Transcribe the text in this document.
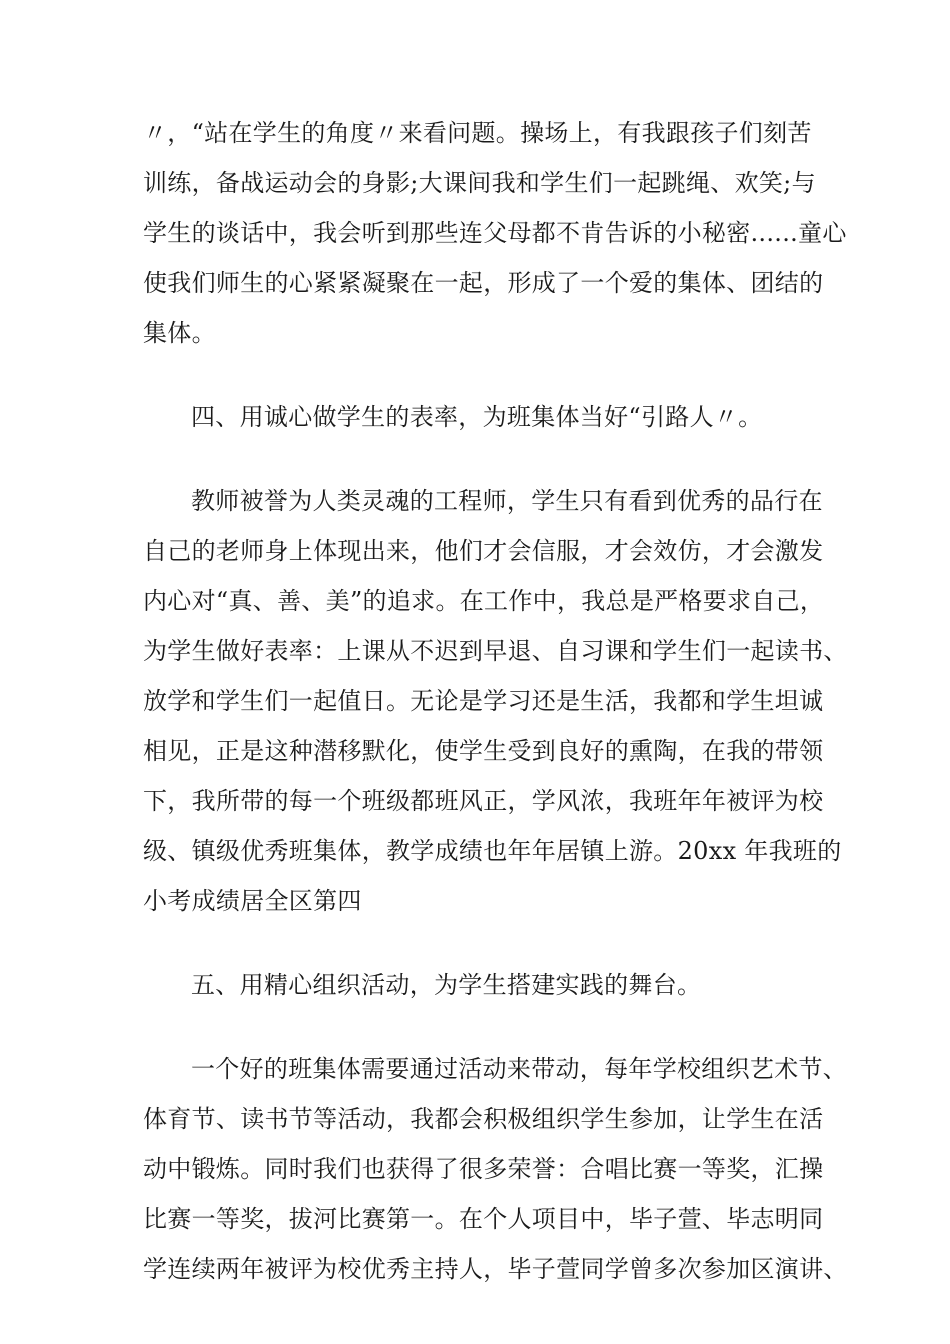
〃，“站在学生的角度〃来看问题。操场上，有我跟孩子们刻苦
训练，备战运动会的身影;大课间我和学生们一起跳绳、欢笑;与
学生的谈话中，我会听到那些连父母都不肯告诉的小秘密......童心
使我们师生的心紧紧凝聚在一起，形成了一个爱的集体、团结的
集体。
四、用诚心做学生的表率，为班集体当好“引路人〃。
教师被誉为人类灵魂的工程师，学生只有看到优秀的品行在
自己的老师身上体现出来，他们才会信服，才会效仿，才会激发
内心对“真、善、美”的追求。在工作中，我总是严格要求自己，
为学生做好表率：上课从不迟到早退、自习课和学生们一起读书、
放学和学生们一起值日。无论是学习还是生活，我都和学生坦诚
相见，正是这种潜移默化，使学生受到良好的熏陶，在我的带领
下，我所带的每一个班级都班风正，学风浓，我班年年被评为校
级、镇级优秀班集体，教学成绩也年年居镇上游。20xx 年我班的
小考成绩居全区第四
五、用精心组织活动，为学生搭建实践的舞台。
一个好的班集体需要通过活动来带动，每年学校组织艺术节、
体育节、读书节等活动，我都会积极组织学生参加，让学生在活
动中锻炼。同时我们也获得了很多荣誉：合唱比赛一等奖，汇操
比赛一等奖，拔河比赛第一。在个人项目中，毕子萱、毕志明同
学连续两年被评为校优秀主持人，毕子萱同学曾多次参加区演讲、
